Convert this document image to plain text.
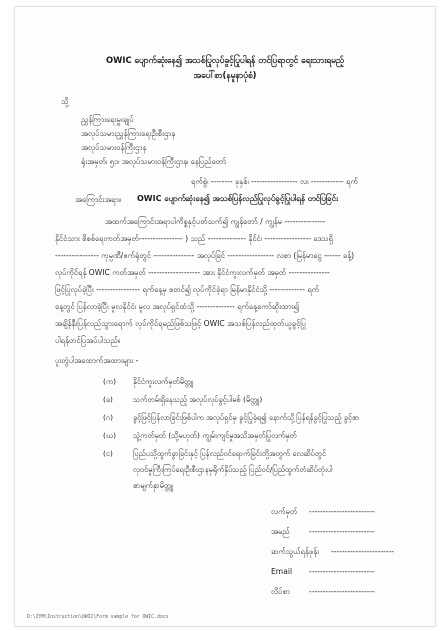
OWIC ပျောက်ဆုံးနေ၍ အသစ်ပြုလုပ်ခွင့်ပြုပါရန် တင်ပြရာတွင် ရေးသားရမည့်
အပေါ်စာ(နမူနာပုံစံ)
သို့
ညွှန်ကြားရေးမှူးချုပ်
အလုပ်သမားညွှန်ကြားရေးဦးစီးဌာန
အလုပ်သမားဝန်ကြီးဌာန
ရုံးအမှတ်၊ ၅၁၊ အလုပ်သမားဝန်ကြီးဌာန၊ နေပြည်တော်
ရက်စွဲ၊ -------- ခုနှစ်၊ ----------------- လ၊ ------------ ရက်
အကြောင်းအရာ။ OWIC ပျောက်ဆုံးနေ၍ အသစ်ပြန်လည်ပြုလုပ်ခွင့်ပြုပါရန် တင်ပြခြင်း
အထက်အကြောင်းအရာပါကိစ္စနှင့်ပတ်သက်၍ ကျွန်တော် / ကျွန်မ ---------------
နိုင်ငံသား စိစစ်ရေးကတ်အမှတ်---------------- ) သည် -------------- နိုင်ငံ၊ ----------------- ဒေသရှိ
---------------- ကုမ္ပဏီ/စက်ရုံတွင် --------------- အလုပ်ခြင် ----------------- လစာ (မြန်မာငွေ ------ ခန့်)
လုပ်ကိုင်ရန် OWIC ကတ်အမှတ် ------------------- အား နိုင်ငံကူးလက်မှတ် အမှတ် ---------------
ဖြင့်ပြုလုပ်ခဲ့ပြီး ---------------- ရက်နေ့မှ စတင်၍ လုပ်ကိုင်ခဲ့ရာ မြန်မာနိုင်ငံသို့ ------------- ရက်
နေ့တွင် ပြန်လာခဲ့ပြီး မူလနိုင်ငံ၊ မူလ အလုပ်ရှင်ထံသို့ -------------- ရက်နေ့ကော်ဆိုးထား၍
အချိန်နီးပြန်လည်သွားရောက် လုပ်ကိုင်ရမည်ဖြစ်သဖြင့် OWIC အသစ်ပြန်လည်ထုတ်ယူခွင့်ပြု
ပါရန်တင်ပြအပ်ပါသည်။
ပူးတွဲပါအထောက်အထားများ -
(က) နိုင်ငံကူးလက်မှတ်မိတ္တူ
(ခ)	သက်တမ်းရှိနေသည့် အလုပ်လုပ်ခွင့်ပါမစ် (မိတ္တူ)
(ဂ)	ခွင့်ဖြင့်ပြန်လာခြင်းဖြစ်ပါက အလုပ်ရှင်မှ ခွင့်ပြုခဲ့ရ၍ နောက်သို့ပြန်ရန်ခွင့်ပြုသည့် ခွင့်စာ
(ဃ) သွဲ့ကတ်မှတ် (သို့မဟုတ်) ကျွမ်းကျင်မှုအသိအမှတ်ပြုလက်မှတ်
(င)	ပြည်ပသို့ထွက်ခွာခြင်းနှင့် ပြန်လည်ဝင်ရောက်ခြင်းတို့အတွက် လေဆိပ်တွင်
လုဝင်မှုကြီးကြပ်ရေးဦးစီးဌာနမှရိုက်နှိပ်သည့် ပြည်ဝင်/ပြည်ထွက်တံဆိပ်တုံးပါ
စာမျက်နှာမိတ္တူ
လက်မှတ် ------------------------
အမည်	------------------------
ဆက်သွယ်ရန်ဖုန်း -----------------------
Email ------------------------
လိပ်စာ	------------------------
D:\ZYM\Instruction\OWIC\Form sample for OWIC.docx
